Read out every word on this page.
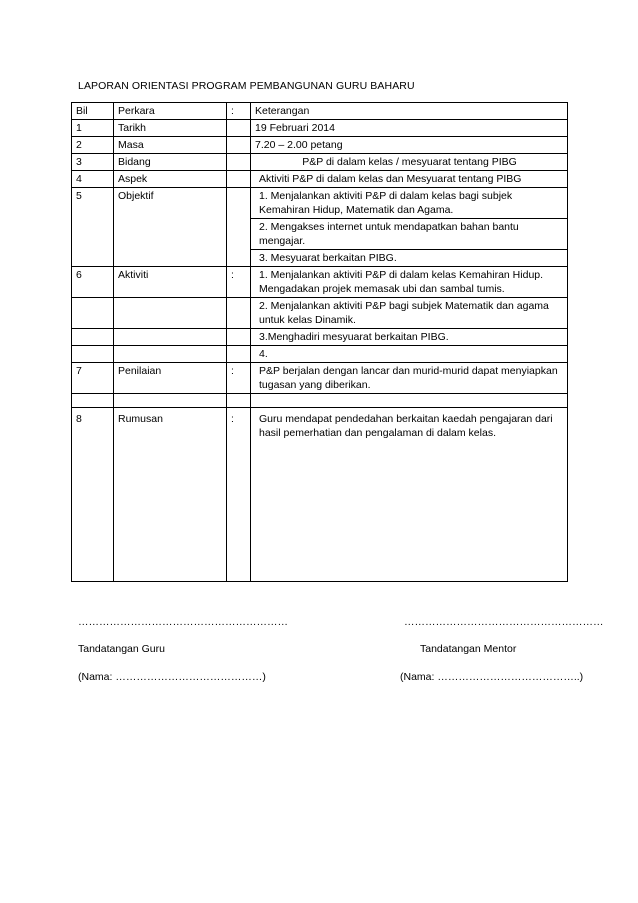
LAPORAN ORIENTASI PROGRAM PEMBANGUNAN GURU BAHARU
Bil	Perkara	:	Keterangan
1	Tarikh		19 Februari 2014
2	Masa		7.20 – 2.00 petang
3	Bidang		P&P di dalam kelas / mesyuarat tentang PIBG
4	Aspek		Aktiviti P&P di dalam kelas dan Mesyuarat tentang PIBG
5	Objektif		1. Menjalankan aktiviti P&P di dalam kelas bagi subjek Kemahiran Hidup, Matematik dan Agama.
			2. Mengakses internet untuk mendapatkan bahan bantu mengajar.
			3. Mesyuarat berkaitan PIBG.
6	Aktiviti	:	1. Menjalankan aktiviti P&P di dalam kelas Kemahiran Hidup. Mengadakan projek memasak ubi dan sambal tumis.
			2. Menjalankan aktiviti P&P bagi subjek Matematik dan agama untuk kelas Dinamik.
			3.Menghadiri mesyuarat berkaitan PIBG.
			4.
7	Penilaian	:	P&P berjalan dengan lancar dan murid-murid dapat menyiapkan tugasan yang diberikan.

8	Rumusan	:	Guru mendapat pendedahan berkaitan kaedah pengajaran dari hasil pemerhatian dan pengalaman di dalam kelas.
……………………………………………………	…………………………………………………
Tandatangan Guru	Tandatangan Mentor
(Nama: ……………………………………)	(Nama: …………………………………..)
